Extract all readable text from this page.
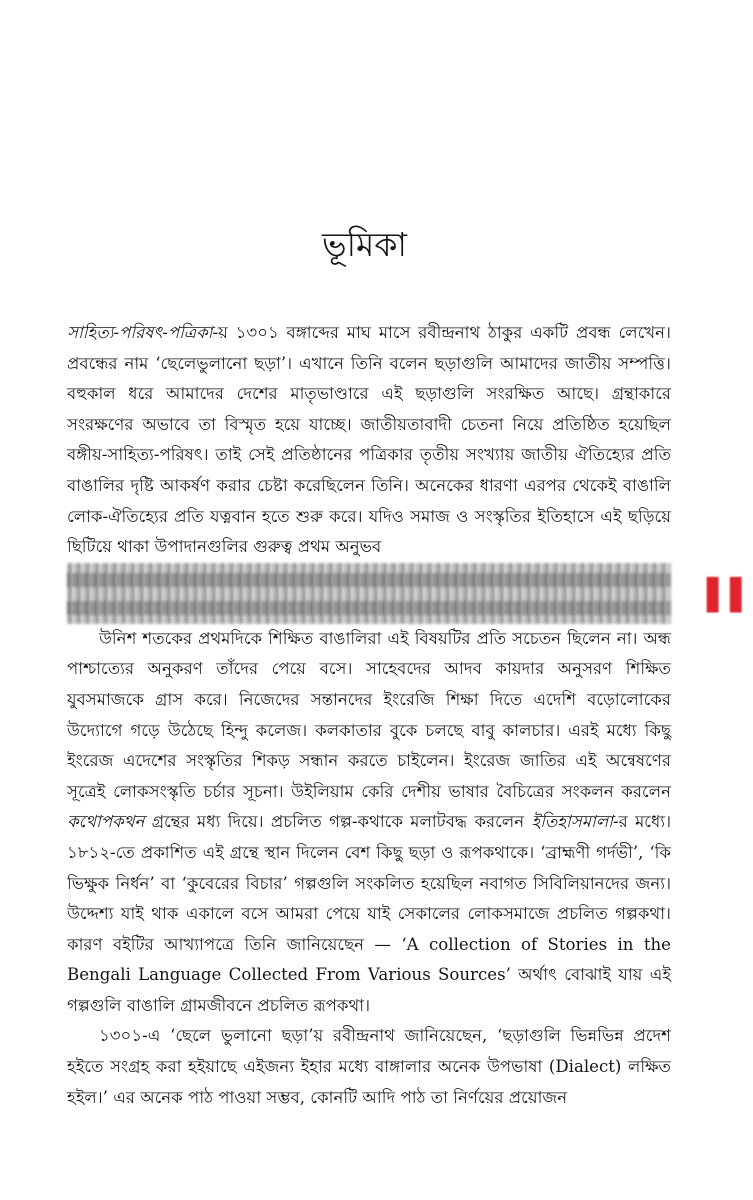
ভূমিকা

সাহিত্য-পরিষৎ-পত্রিকা-য় ১৩০১ বঙ্গাব্দের মাঘ মাসে রবীন্দ্রনাথ ঠাকুর একটি প্রবন্ধ লেখেন। প্রবন্ধের নাম ‘ছেলেভুলানো ছড়া’। এখানে তিনি বলেন ছড়াগুলি আমাদের জাতীয় সম্পত্তি। বহুকাল ধরে আমাদের দেশের মাতৃভাণ্ডারে এই ছড়াগুলি সংরক্ষিত আছে। গ্রন্থাকারে সংরক্ষণের অভাবে তা বিস্মৃত হয়ে যাচ্ছে। জাতীয়তাবাদী চেতনা নিয়ে প্রতিষ্ঠিত হয়েছিল বঙ্গীয়-সাহিত্য-পরিষৎ। তাই সেই প্রতিষ্ঠানের পত্রিকার তৃতীয় সংখ্যায় জাতীয় ঐতিহ্যের প্রতি বাঙালির দৃষ্টি আকর্ষণ করার চেষ্টা করেছিলেন তিনি। অনেকের ধারণা এরপর থেকেই বাঙালি লোক-ঐতিহ্যের প্রতি যত্নবান হতে শুরু করে। যদিও সমাজ ও সংস্কৃতির ইতিহাসে এই ছড়িয়ে ছিটিয়ে থাকা উপাদানগুলির গুরুত্ব প্রথম অনুভব

উনিশ শতকের প্রথমদিকে শিক্ষিত বাঙালিরা এই বিষয়টির প্রতি সচেতন ছিলেন না। অন্ধ পাশ্চাত্যের অনুকরণ তাঁদের পেয়ে বসে। সাহেবদের আদব কায়দার অনুসরণ শিক্ষিত যুবসমাজকে গ্রাস করে। নিজেদের সন্তানদের ইংরেজি শিক্ষা দিতে এদেশি বড়োলোকের উদ্যোগে গড়ে উঠেছে হিন্দু কলেজ। কলকাতার বুকে চলছে বাবু কালচার। এরই মধ্যে কিছু ইংরেজ এদেশের সংস্কৃতির শিকড় সন্ধান করতে চাইলেন। ইংরেজ জাতির এই অন্বেষণের সূত্রেই লোকসংস্কৃতি চর্চার সূচনা। উইলিয়াম কেরি দেশীয় ভাষার বৈচিত্রের সংকলন করলেন কথোপকথন গ্রন্থের মধ্য দিয়ে। প্রচলিত গল্প-কথাকে মলাটবদ্ধ করলেন ইতিহাসমালা-র মধ্যে। ১৮১২-তে প্রকাশিত এই গ্রন্থে স্থান দিলেন বেশ কিছু ছড়া ও রূপকথাকে। ‘ব্রাহ্মণী গর্দভী’, ‘কি ভিক্ষুক নির্ধন’ বা ‘কুবেরের বিচার’ গল্পগুলি সংকলিত হয়েছিল নবাগত সিবিলিয়ানদের জন্য। উদ্দেশ্য যাই থাক একালে বসে আমরা পেয়ে যাই সেকালের লোকসমাজে প্রচলিত গল্পকথা। কারণ বইটির আখ্যাপত্রে তিনি জানিয়েছেন — ‘A collection of Stories in the Bengali Language Collected From Various Sources’ অর্থাৎ বোঝাই যায় এই গল্পগুলি বাঙালি গ্রামজীবনে প্রচলিত রূপকথা।

১৩০১-এ ‘ছেলে ভুলানো ছড়া’য় রবীন্দ্রনাথ জানিয়েছেন, ‘ছড়াগুলি ভিন্নভিন্ন প্রদেশ হইতে সংগ্রহ করা হইয়াছে এইজন্য ইহার মধ্যে বাঙ্গালার অনেক উপভাষা (Dialect) লক্ষিত হইল।’ এর অনেক পাঠ পাওয়া সম্ভব, কোনটি আদি পাঠ তা নির্ণয়ের প্রয়োজন

▌▌
